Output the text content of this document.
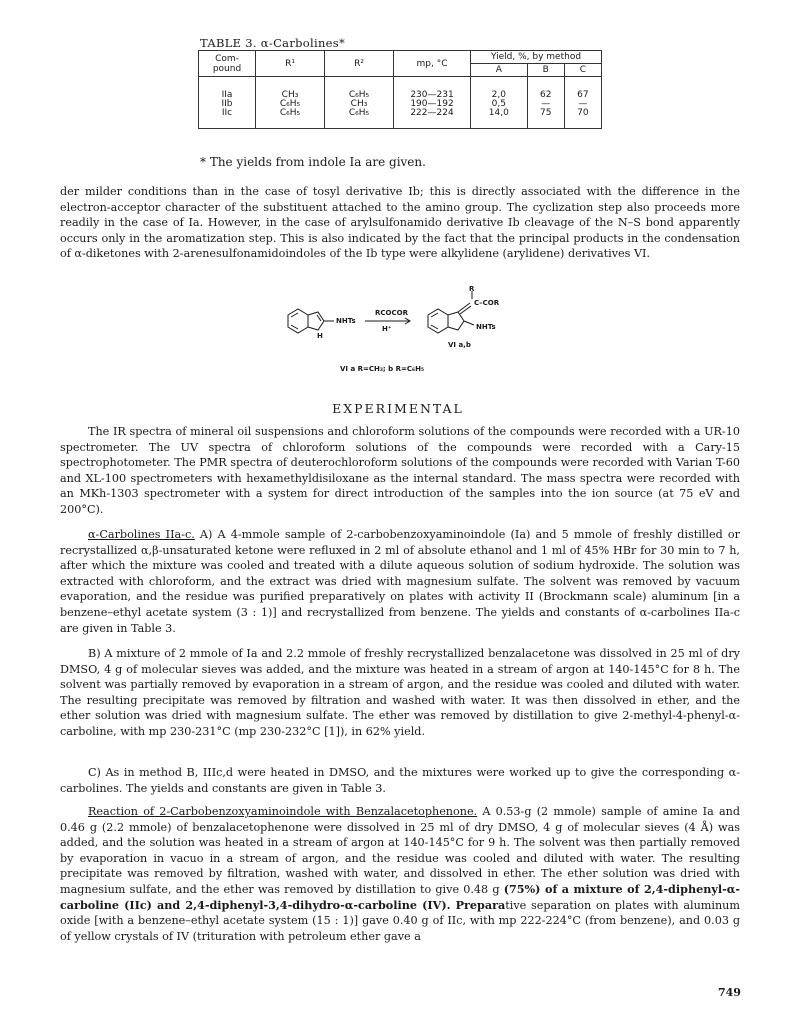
TABLE 3. α-Carbolines*
Com-pound	R¹	R²	mp, °C	Yield, %, by method		
				A	B	C
IIa	CH₃	C₆H₅	230—231	2,0	62	67
IIb	C₆H₅	CH₃	190—192	0,5	—	—
IIc	C₆H₅	C₆H₅	222—224	14,0	75	70
* The yields from indole Ia are given.
der milder conditions than in the case of tosyl derivative Ib; this is directly associated with the difference in the electron-acceptor character of the substituent attached to the amino group. The cyclization step also proceeds more readily in the case of Ia. However, in the case of arylsulfonamido derivative Ib cleavage of the N–S bond apparently occurs only in the aromatization step. This is also indicated by the fact that the principal products in the condensation of α-diketones with 2-arenesulfonamidoindoles of the Ib type were alkylidene (arylidene) derivatives VI.
NHTs
H
RCOCOR
H⁺
R
C–COR
NHTs
VI a,b
VI a R=CH₃; b R=C₆H₅
EXPERIMENTAL
The IR spectra of mineral oil suspensions and chloroform solutions of the compounds were recorded with a UR-10 spectrometer. The UV spectra of chloroform solutions of the compounds were recorded with a Cary-15 spectrophotometer. The PMR spectra of deuterochloroform solutions of the compounds were recorded with Varian T-60 and XL-100 spectrometers with hexamethyldisiloxane as the internal standard. The mass spectra were recorded with an MKh-1303 spectrometer with a system for direct introduction of the samples into the ion source (at 75 eV and 200°C).
α-Carbolines IIa-c. A) A 4-mmole sample of 2-carbobenzoxyaminoindole (Ia) and 5 mmole of freshly distilled or recrystallized α,β-unsaturated ketone were refluxed in 2 ml of absolute ethanol and 1 ml of 45% HBr for 30 min to 7 h, after which the mixture was cooled and treated with a dilute aqueous solution of sodium hydroxide. The solution was extracted with chloroform, and the extract was dried with magnesium sulfate. The solvent was removed by vacuum evaporation, and the residue was purified preparatively on plates with activity II (Brockmann scale) aluminum [in a benzene–ethyl acetate system (3 : 1)] and recrystallized from benzene. The yields and constants of α-carbolines IIa-c are given in Table 3.
B) A mixture of 2 mmole of Ia and 2.2 mmole of freshly recrystallized benzalacetone was dissolved in 25 ml of dry DMSO, 4 g of molecular sieves was added, and the mixture was heated in a stream of argon at 140-145°C for 8 h. The solvent was partially removed by evaporation in a stream of argon, and the residue was cooled and diluted with water. The resulting precipitate was removed by filtration and washed with water. It was then dissolved in ether, and the ether solution was dried with magnesium sulfate. The ether was removed by distillation to give 2-methyl-4-phenyl-α-carboline, with mp 230-231°C (mp 230-232°C [1]), in 62% yield.
C) As in method B, IIIc,d were heated in DMSO, and the mixtures were worked up to give the corresponding α-carbolines. The yields and constants are given in Table 3.
Reaction of 2-Carbobenzoxyaminoindole with Benzalacetophenone. A 0.53-g (2 mmole) sample of amine Ia and 0.46 g (2.2 mmole) of benzalacetophenone were dissolved in 25 ml of dry DMSO, 4 g of molecular sieves (4 Å) was added, and the solution was heated in a stream of argon at 140-145°C for 9 h. The solvent was then partially removed by evaporation in vacuo in a stream of argon, and the residue was cooled and diluted with water. The resulting precipitate was removed by filtration, washed with water, and dissolved in ether. The ether solution was dried with magnesium sulfate, and the ether was removed by distillation to give 0.48 g (75%) of a mixture of 2,4-diphenyl-α-carboline (IIc) and 2,4-diphenyl-3,4-dihydro-α-carboline (IV). Preparative separation on plates with aluminum oxide [with a benzene–ethyl acetate system (15 : 1)] gave 0.40 g of IIc, with mp 222-224°C (from benzene), and 0.03 g of yellow crystals of IV (trituration with petroleum ether gave a
749
